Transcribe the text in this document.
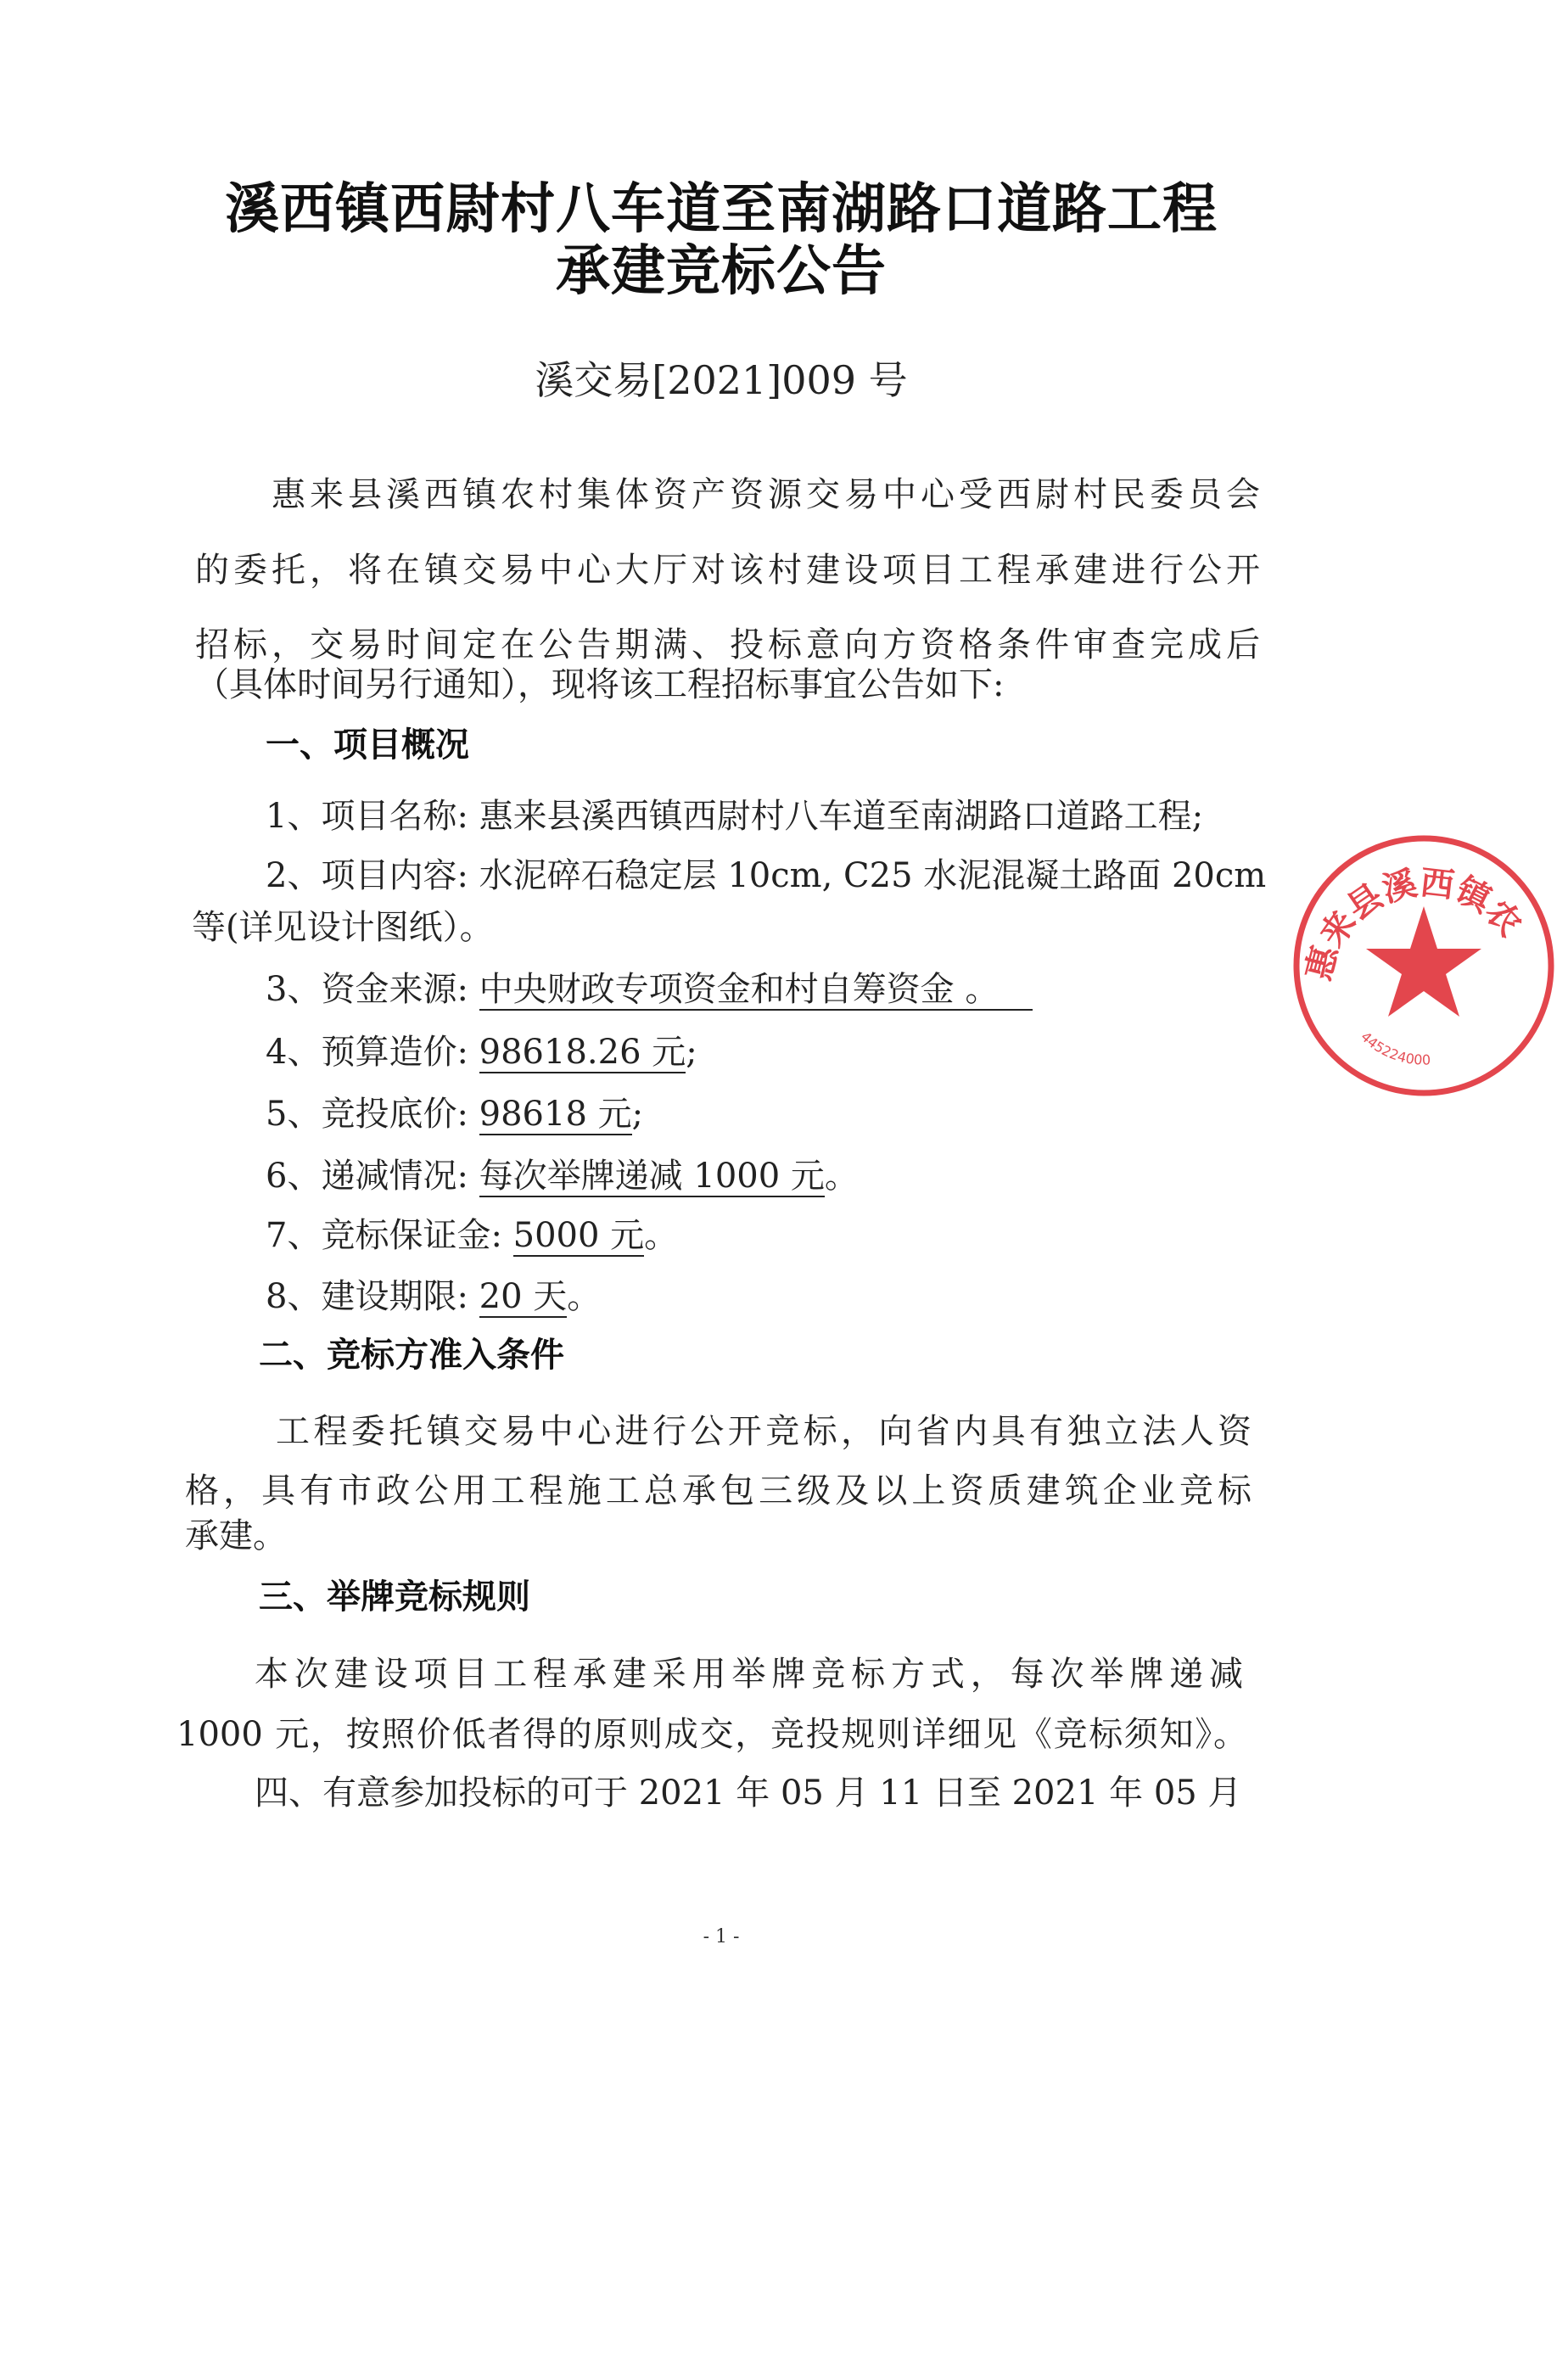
溪西镇西尉村八车道至南湖路口道路工程
承建竞标公告
溪交易[2021]009 号
惠来县溪西镇农村集体资产资源交易中心受西尉村民委员会
的委托，将在镇交易中心大厅对该村建设项目工程承建进行公开
招标，交易时间定在公告期满、投标意向方资格条件审查完成后
（具体时间另行通知），现将该工程招标事宜公告如下:
一、项目概况
1、项目名称: 惠来县溪西镇西尉村八车道至南湖路口道路工程;
2、项目内容: 水泥碎石稳定层 10cm, C25 水泥混凝土路面 20cm
等(详见设计图纸）。
3、资金来源: 中央财政专项资金和村自筹资金 。
4、预算造价: 98618.26 元;
5、竞投底价: 98618 元;
6、递减情况: 每次举牌递减 1000 元。
7、竞标保证金: 5000 元。
8、建设期限: 20 天。
二、竞标方准入条件
工程委托镇交易中心进行公开竞标，向省内具有独立法人资
格，具有市政公用工程施工总承包三级及以上资质建筑企业竞标
承建。
三、举牌竞标规则
本次建设项目工程承建采用举牌竞标方式，每次举牌递减
1000 元，按照价低者得的原则成交，竞投规则详细见《竞标须知》。
四、有意参加投标的可于 2021 年 05 月 11 日至 2021 年 05 月
- 1 -
惠来县溪西镇农
445224000
